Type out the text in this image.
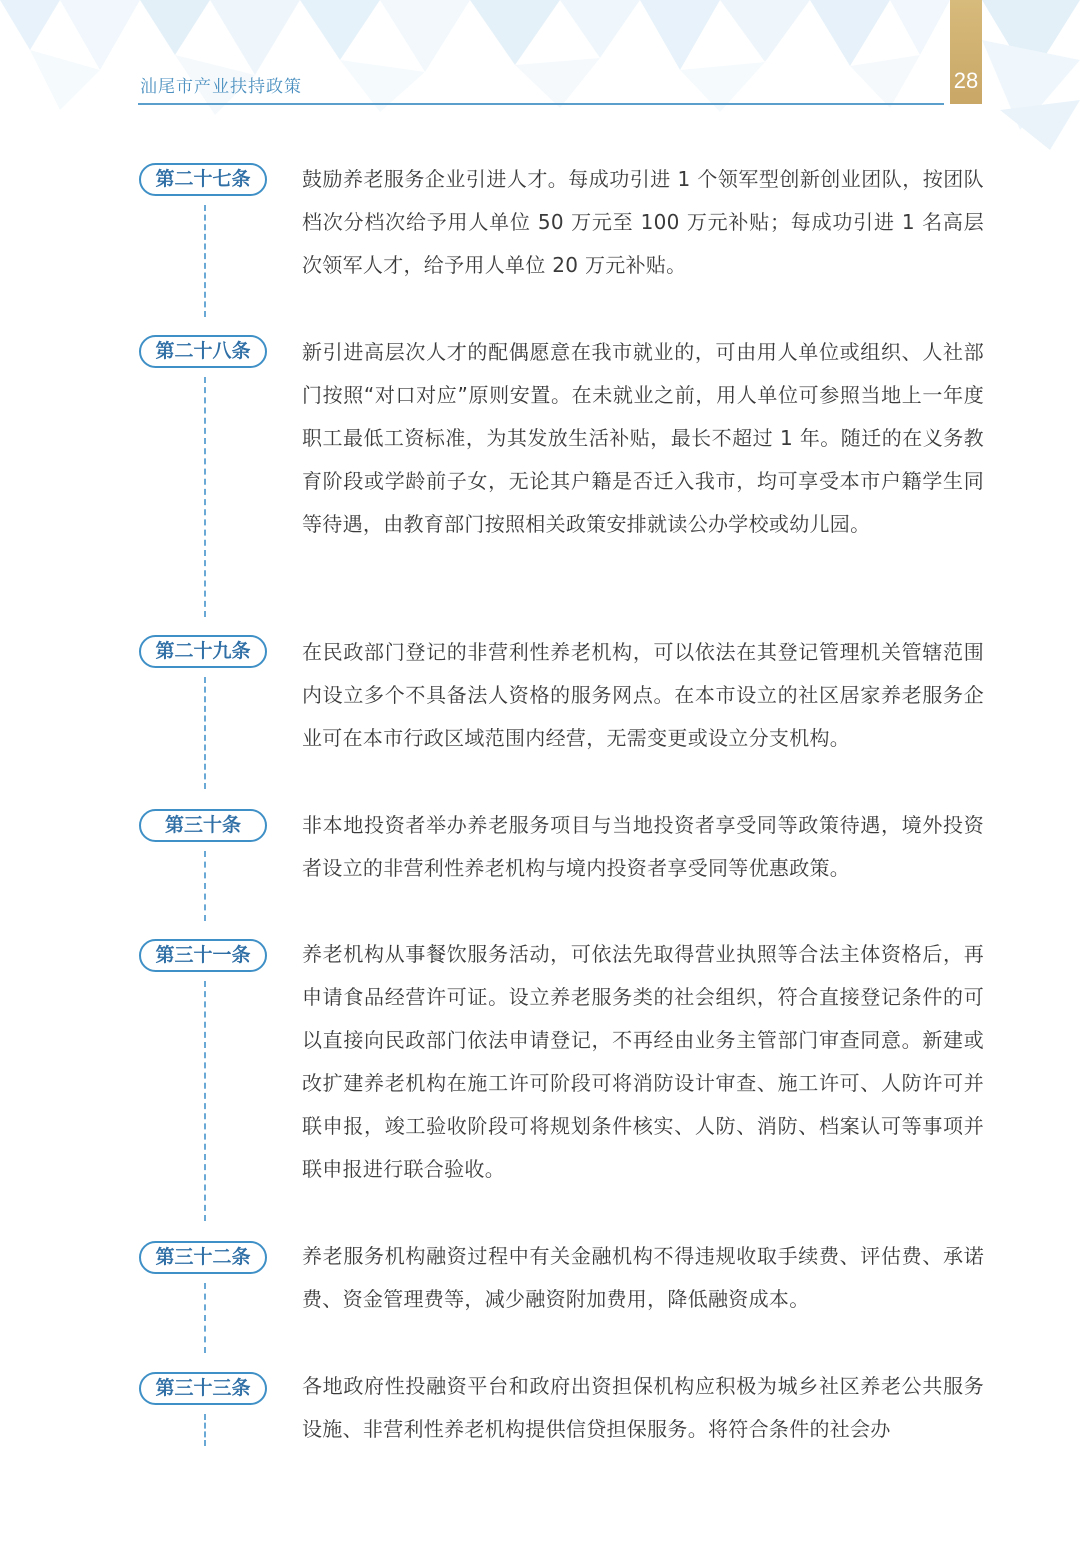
28
汕尾市产业扶持政策
第二十七条	鼓励养老服务企业引进人才。每成功引进 1 个领军型创新创业团队，按团队档次分档次给予用人单位 50 万元至 100 万元补贴；每成功引进 1 名高层次领军人才，给予用人单位 20 万元补贴。
第二十八条	新引进高层次人才的配偶愿意在我市就业的，可由用人单位或组织、人社部门按照“对口对应”原则安置。在未就业之前，用人单位可参照当地上一年度职工最低工资标准，为其发放生活补贴，最长不超过 1 年。随迁的在义务教育阶段或学龄前子女，无论其户籍是否迁入我市，均可享受本市户籍学生同等待遇，由教育部门按照相关政策安排就读公办学校或幼儿园。
第二十九条	在民政部门登记的非营利性养老机构，可以依法在其登记管理机关管辖范围内设立多个不具备法人资格的服务网点。在本市设立的社区居家养老服务企业可在本市行政区域范围内经营，无需变更或设立分支机构。
第三十条	非本地投资者举办养老服务项目与当地投资者享受同等政策待遇，境外投资者设立的非营利性养老机构与境内投资者享受同等优惠政策。
第三十一条	养老机构从事餐饮服务活动，可依法先取得营业执照等合法主体资格后，再申请食品经营许可证。设立养老服务类的社会组织，符合直接登记条件的可以直接向民政部门依法申请登记，不再经由业务主管部门审查同意。新建或改扩建养老机构在施工许可阶段可将消防设计审查、施工许可、人防许可并联申报，竣工验收阶段可将规划条件核实、人防、消防、档案认可等事项并联申报进行联合验收。
第三十二条	养老服务机构融资过程中有关金融机构不得违规收取手续费、评估费、承诺费、资金管理费等，减少融资附加费用，降低融资成本。
第三十三条	各地政府性投融资平台和政府出资担保机构应积极为城乡社区养老公共服务设施、非营利性养老机构提供信贷担保服务。将符合条件的社会办
